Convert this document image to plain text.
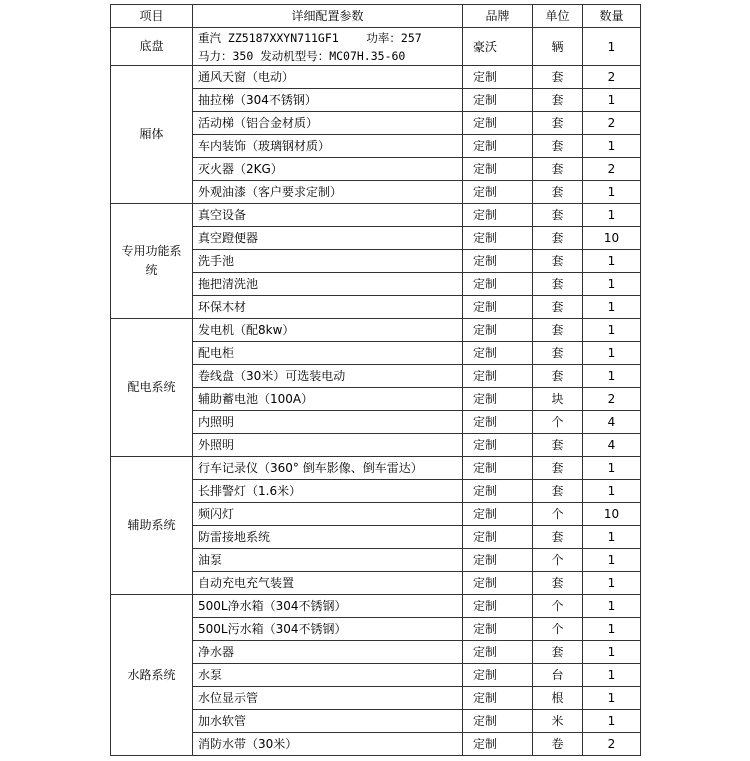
项目	详细配置参数	品牌	单位	数量
底盘	重汽 ZZ5187XXYN711GF1    功率：257
马力：350 发动机型号：MC07H.35-60	豪沃	辆	1
厢体	通风天窗（电动）	定制	套	2
	抽拉梯（304不锈钢）	定制	套	1
	活动梯（铝合金材质）	定制	套	2
	车内装饰（玻璃钢材质）	定制	套	1
	灭火器（2KG）	定制	套	2
	外观油漆（客户要求定制）	定制	套	1
专用功能系统	真空设备	定制	套	1
	真空蹬便器	定制	套	10
	洗手池	定制	套	1
	拖把清洗池	定制	套	1
	环保木材	定制	套	1
配电系统	发电机（配8kw）	定制	套	1
	配电柜	定制	套	1
	卷线盘（30米）可选装电动	定制	套	1
	辅助蓄电池（100A）	定制	块	2
	内照明	定制	个	4
	外照明	定制	套	4
辅助系统	行车记录仪（360° 倒车影像、倒车雷达）	定制	套	1
	长排警灯（1.6米）	定制	套	1
	频闪灯	定制	个	10
	防雷接地系统	定制	套	1
	油泵	定制	个	1
	自动充电充气装置	定制	套	1
水路系统	500L净水箱（304不锈钢）	定制	个	1
	500L污水箱（304不锈钢）	定制	个	1
	净水器	定制	套	1
	水泵	定制	台	1
	水位显示管	定制	根	1
	加水软管	定制	米	1
	消防水带（30米）	定制	卷	2
